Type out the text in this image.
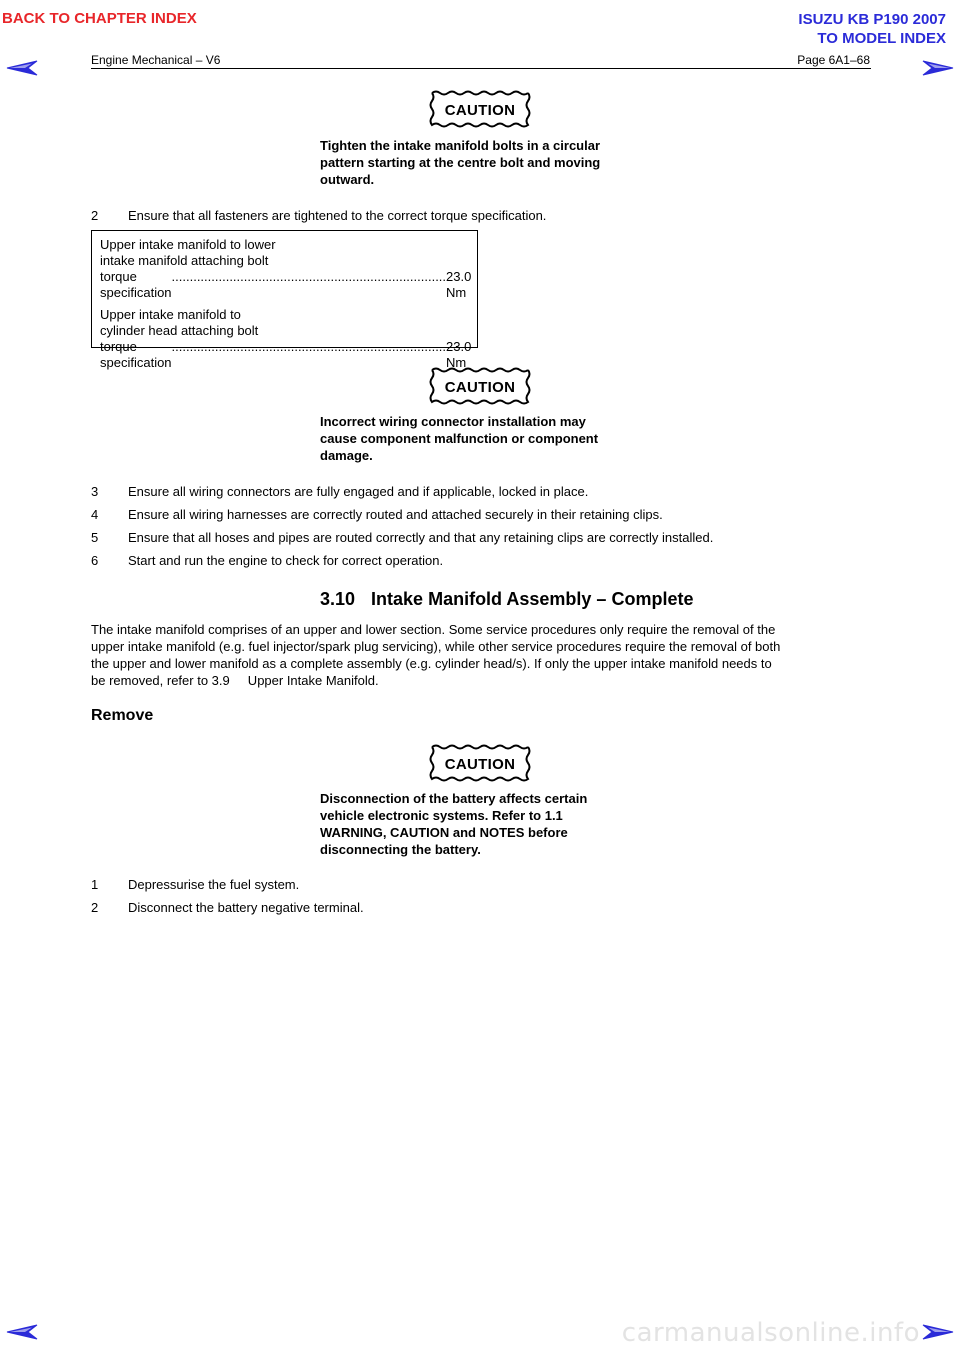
BACK TO CHAPTER INDEX	ISUZU KB P190 2007
TO MODEL INDEX
Engine Mechanical – V6	Page 6A1–68
CAUTION
Tighten the intake manifold bolts in a circular
pattern starting at the centre bolt and moving
outward.
2 Ensure that all fasteners are tightened to the correct torque specification.
Upper intake manifold to lower
intake manifold attaching bolt
torque specification
............................................................................ 23.0 Nm
Upper intake manifold to
cylinder head attaching bolt
torque specification
............................................................................ 23.0 Nm
CAUTION
Incorrect wiring connector installation may
cause component malfunction or component
damage.
3 Ensure all wiring connectors are fully engaged and if applicable, locked in place.
4 Ensure all wiring harnesses are correctly routed and attached securely in their retaining clips.
5 Ensure that all hoses and pipes are routed correctly and that any retaining clips are correctly installed.
6 Start and run the engine to check for correct operation.
3.10 Intake Manifold Assembly – Complete
The intake manifold comprises of an upper and lower section. Some service procedures only require the removal of the
upper intake manifold (e.g. fuel injector/spark plug servicing), while other service procedures require the removal of both
the upper and lower manifold as a complete assembly (e.g. cylinder head/s). If only the upper intake manifold needs to
be removed, refer to 3.9     Upper Intake Manifold.
Remove
CAUTION
Disconnection of the battery affects certain
vehicle electronic systems. Refer to 1.1
WARNING, CAUTION and NOTES before
disconnecting the battery.
1 Depressurise the fuel system.
2 Disconnect the battery negative terminal.
carmanualsonline.info
